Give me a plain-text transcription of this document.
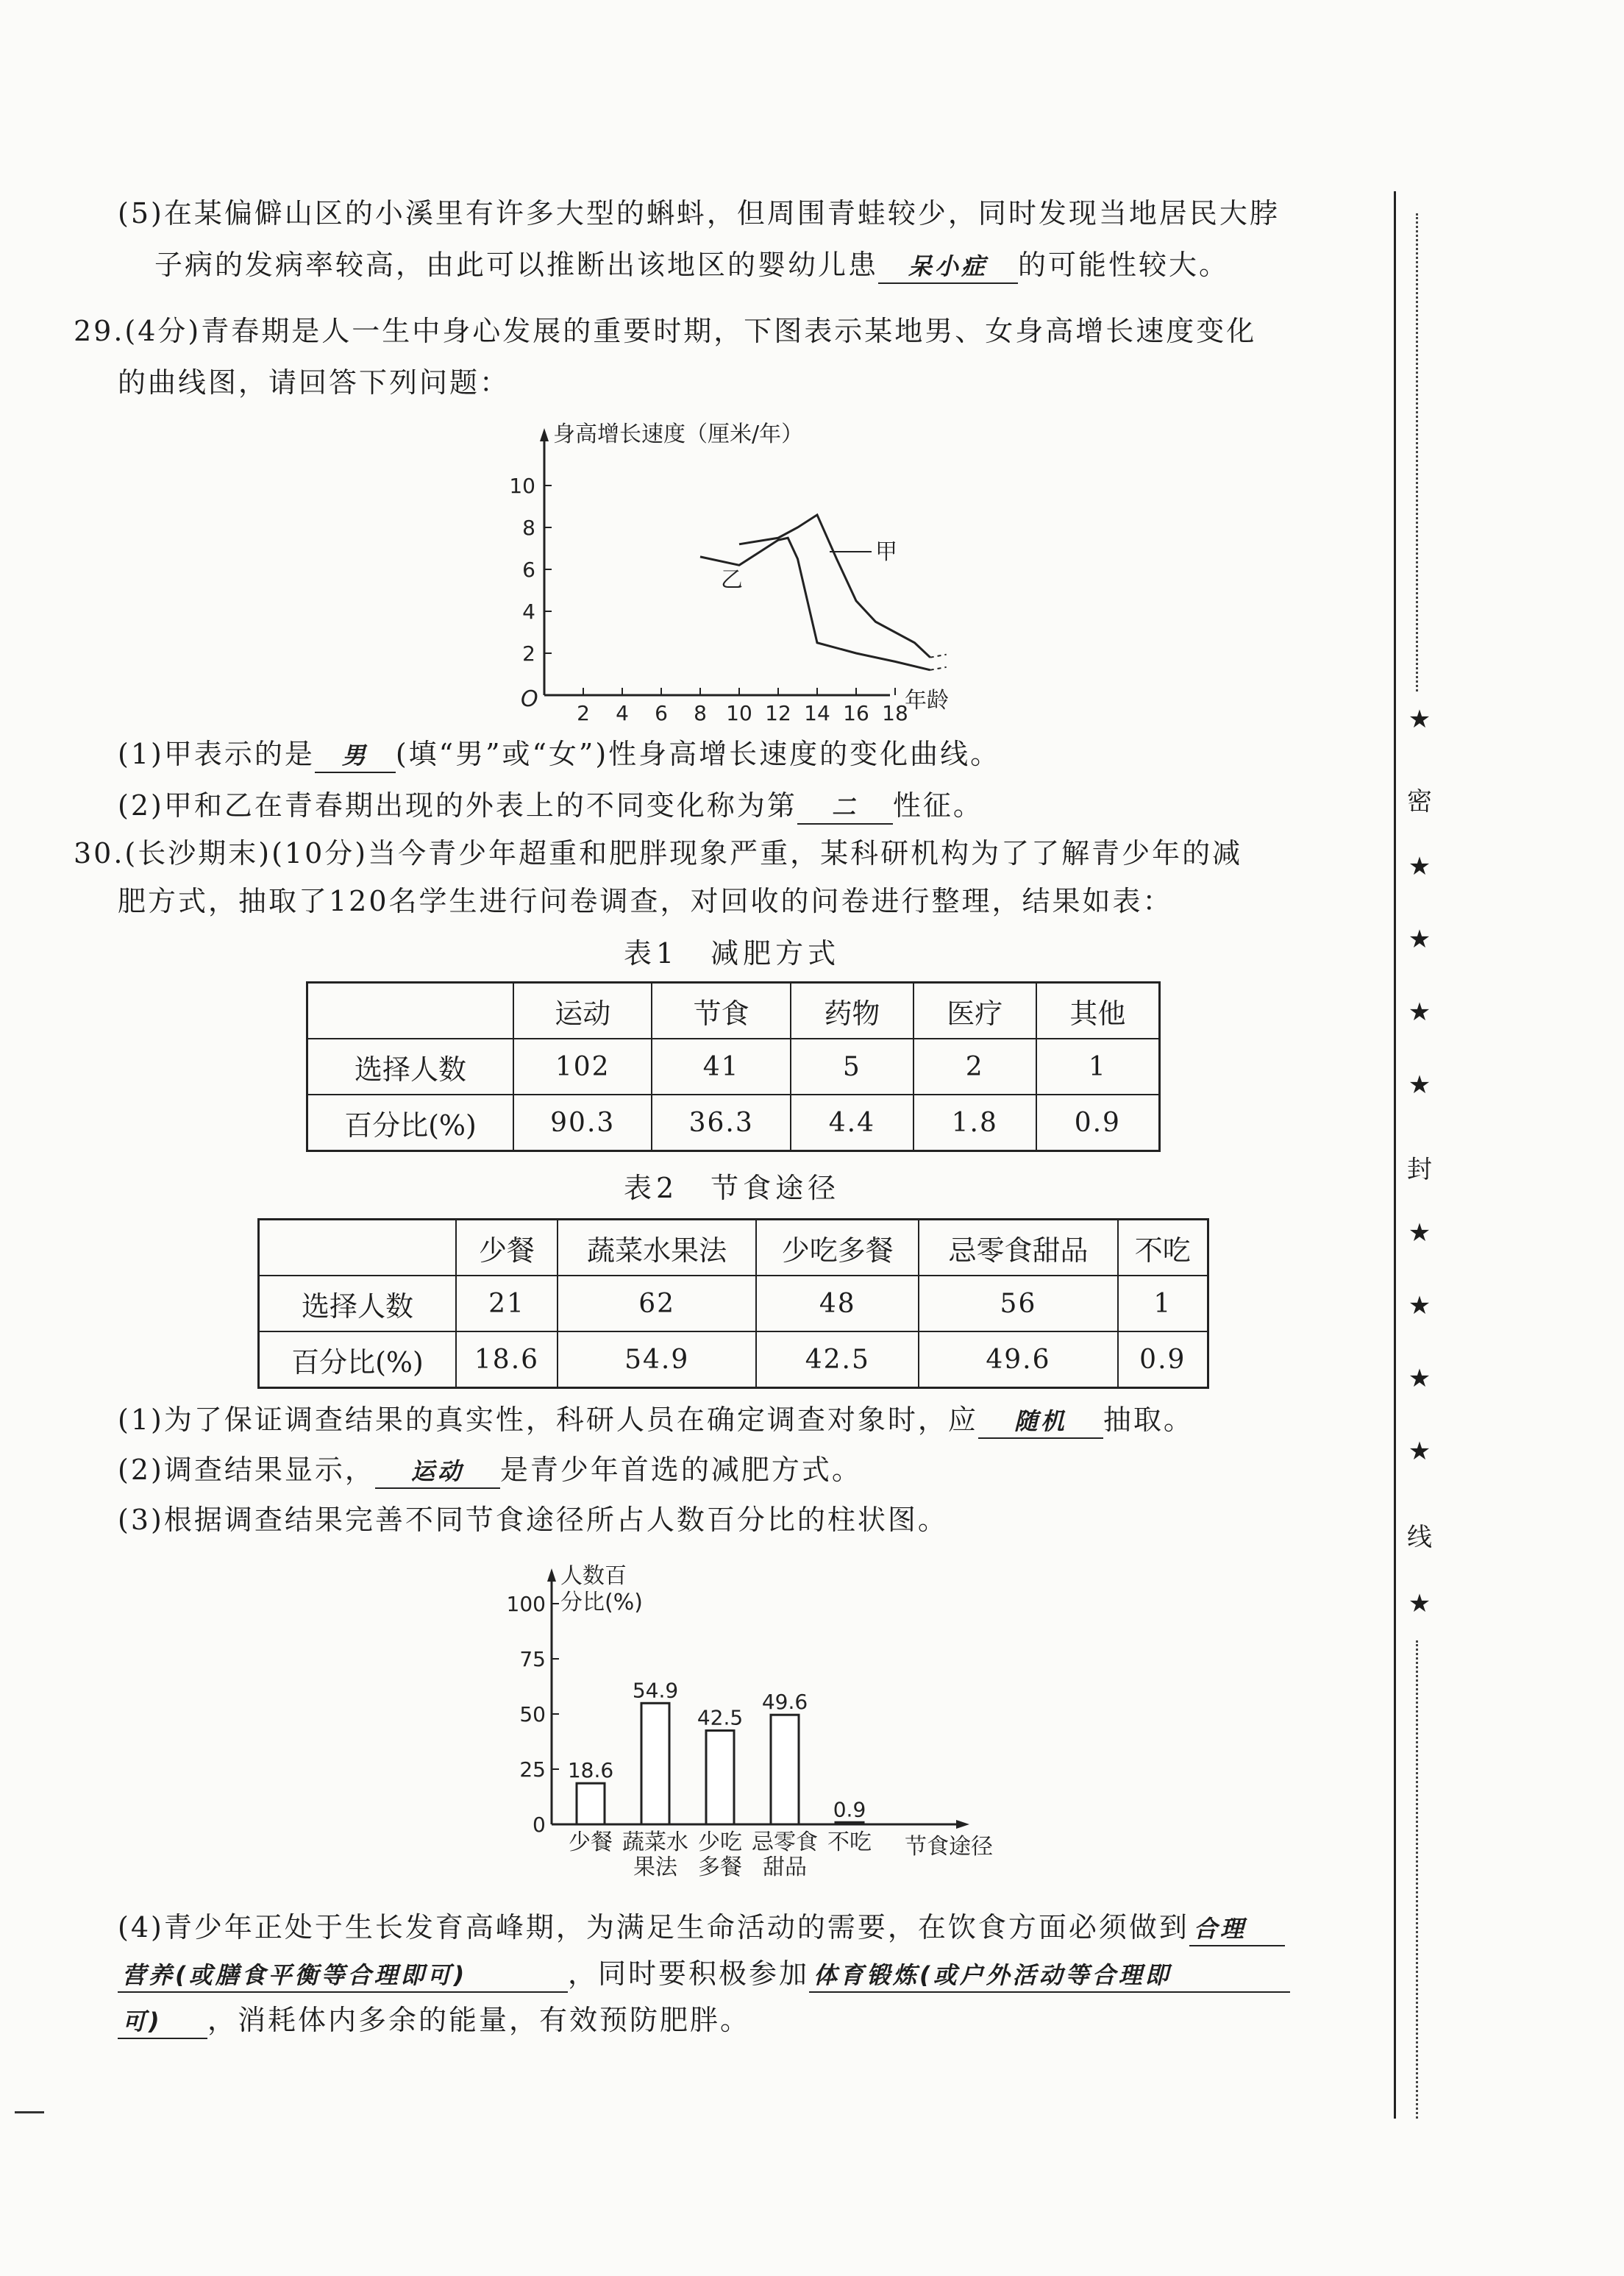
(5)在某偏僻山区的小溪里有许多大型的蝌蚪，但周围青蛙较少，同时发现当地居民大脖
子病的发病率较高，由此可以推断出该地区的婴幼儿患 呆小症 的可能性较大。
29.(4分)青春期是人一生中身心发展的重要时期，下图表示某地男、女身高增长速度变化
的曲线图，请回答下列问题：
身高增长速度（厘米/年）
O	年龄
2
4
6
8
10
2 4 6 8 10 12 14 16 18
甲
乙
(1)甲表示的是 男 (填“男”或“女”)性身高增长速度的变化曲线。
(2)甲和乙在青春期出现的外表上的不同变化称为第 二 性征。
30.(长沙期末)(10分)当今青少年超重和肥胖现象严重，某科研机构为了了解青少年的减
肥方式，抽取了120名学生进行问卷调查，对回收的问卷进行整理，结果如表：
表1　减肥方式
	运动	节食	药物	医疗	其他
选择人数	102	41	5	2	1
百分比(%)	90.3	36.3	4.4	1.8	0.9
表2　节食途径
	少餐	蔬菜水果法	少吃多餐	忌零食甜品	不吃
选择人数	21	62	48	56	1
百分比(%)	18.6	54.9	42.5	49.6	0.9
(1)为了保证调查结果的真实性，科研人员在确定调查对象时，应 随机 抽取。
(2)调查结果显示， 运动 是青少年首选的减肥方式。
(3)根据调查结果完善不同节食途径所占人数百分比的柱状图。
人数百
分比(%)
0
节食途径
25
50
75
100
18.6
少餐
54.9
蔬菜水
果法
42.5
少吃
多餐
49.6
忌零食
甜品
0.9
不吃
(4)青少年正处于生长发育高峰期，为满足生命活动的需要，在饮食方面必须做到 合理
营养(或膳食平衡等合理即可)	，同时要积极参加 体育锻炼(或户外活动等合理即
可) ，消耗体内多余的能量，有效预防肥胖。
★
密
★
★
★
★
封
★
★
★
★
线
★
